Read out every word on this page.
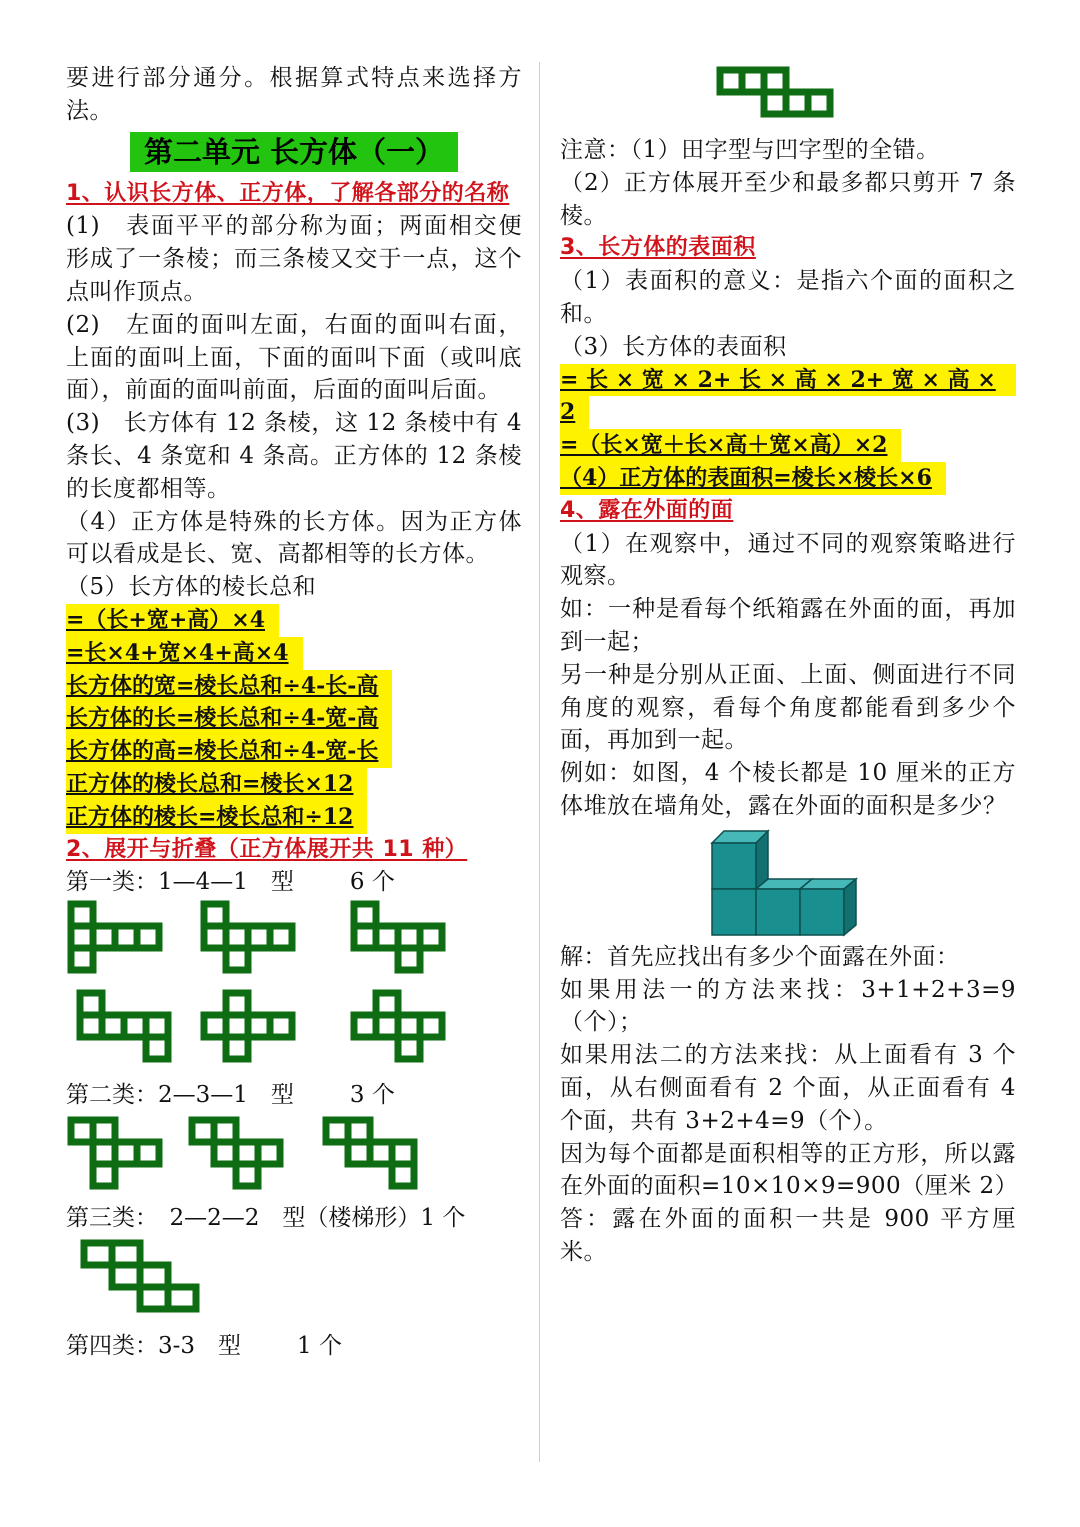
要进行部分通分。根据算式特点来选择方法。

第二单元 长方体（一）

1、认识长方体、正方体，了解各部分的名称

(1)　表面平平的部分称为面；两面相交便形成了一条棱；而三条棱又交于一点，这个点叫作顶点。

(2)　左面的面叫左面，右面的面叫右面，上面的面叫上面，下面的面叫下面（或叫底面），前面的面叫前面，后面的面叫后面。

(3)　长方体有 12 条棱，这 12 条棱中有 4 条长、4 条宽和 4 条高。正方体的 12 条棱的长度都相等。

（4）正方体是特殊的长方体。因为正方体可以看成是长、宽、高都相等的长方体。

（5）长方体的棱长总和

=（长+宽+高）×4
=长×4+宽×4+高×4
长方体的宽=棱长总和÷4-长-高
长方体的长=棱长总和÷4-宽-高
长方体的高=棱长总和÷4-宽-长
正方体的棱长总和=棱长×12
正方体的棱长=棱长总和÷12

2、展开与折叠（正方体展开共 11 种）

第一类：1—4—1　型 6 个
第二类：2—3—1　型 3 个
第三类：　2—2—2　型（楼梯形）1 个
第四类：3-3　型 1 个

注意：（1）田字型与凹字型的全错。

（2）正方体展开至少和最多都只剪开 7 条棱。

3、长方体的表面积

（1）表面积的意义：是指六个面的面积之和。

（3）长方体的表面积

= 长 × 宽 × 2+ 长 × 高 × 2+ 宽 × 高 ×
2
=（长×宽＋长×高＋宽×高）×2
（4）正方体的表面积=棱长×棱长×6

4、露在外面的面

（1）在观察中，通过不同的观察策略进行观察。

如：一种是看每个纸箱露在外面的面，再加到一起；

另一种是分别从正面、上面、侧面进行不同角度的观察，看每个角度都能看到多少个面，再加到一起。

例如：如图，4 个棱长都是 10 厘米的正方体堆放在墙角处，露在外面的面积是多少？

解：首先应找出有多少个面露在外面：

如果用法一的方法来找：3+1+2+3=9（个）；

如果用法二的方法来找：从上面看有 3 个面，从右侧面看有 2 个面，从正面看有 4 个面，共有 3+2+4=9（个）。

因为每个面都是面积相等的正方形，所以露在外面的面积=10×10×9=900（厘米 2）

答：露在外面的面积一共是 900 平方厘米。
